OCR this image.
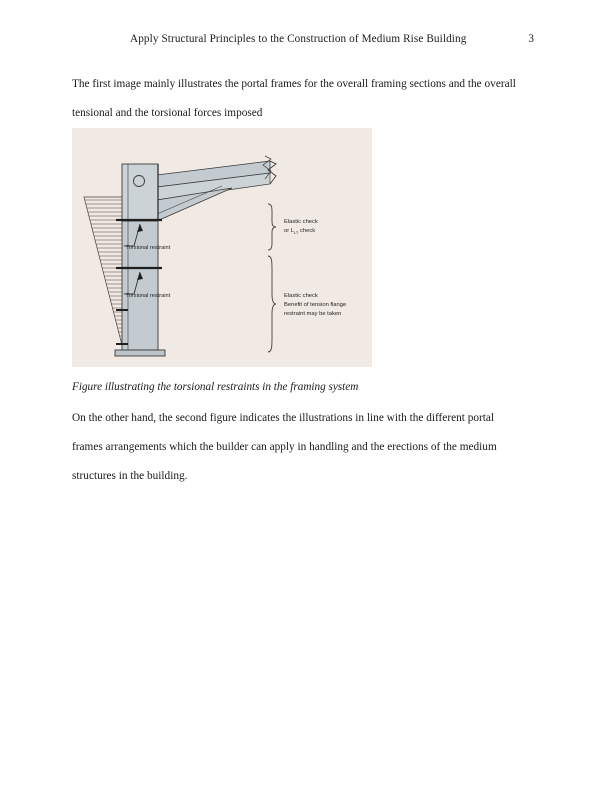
Apply Structural Principles to the Construction of Medium Rise Building	3
The first image mainly illustrates the portal frames for the overall framing sections and the overall tensional and the torsional forces imposed
Torsional restraint
Torsional restraint
Elastic check
or LLT check
Elastic check
Benefit of tension flange
restraint may be taken
Figure illustrating the torsional restraints in the framing system
On the other hand, the second figure indicates the illustrations in line with the different portal frames arrangements which the builder can apply in handling and the erections of the medium structures in the building.
